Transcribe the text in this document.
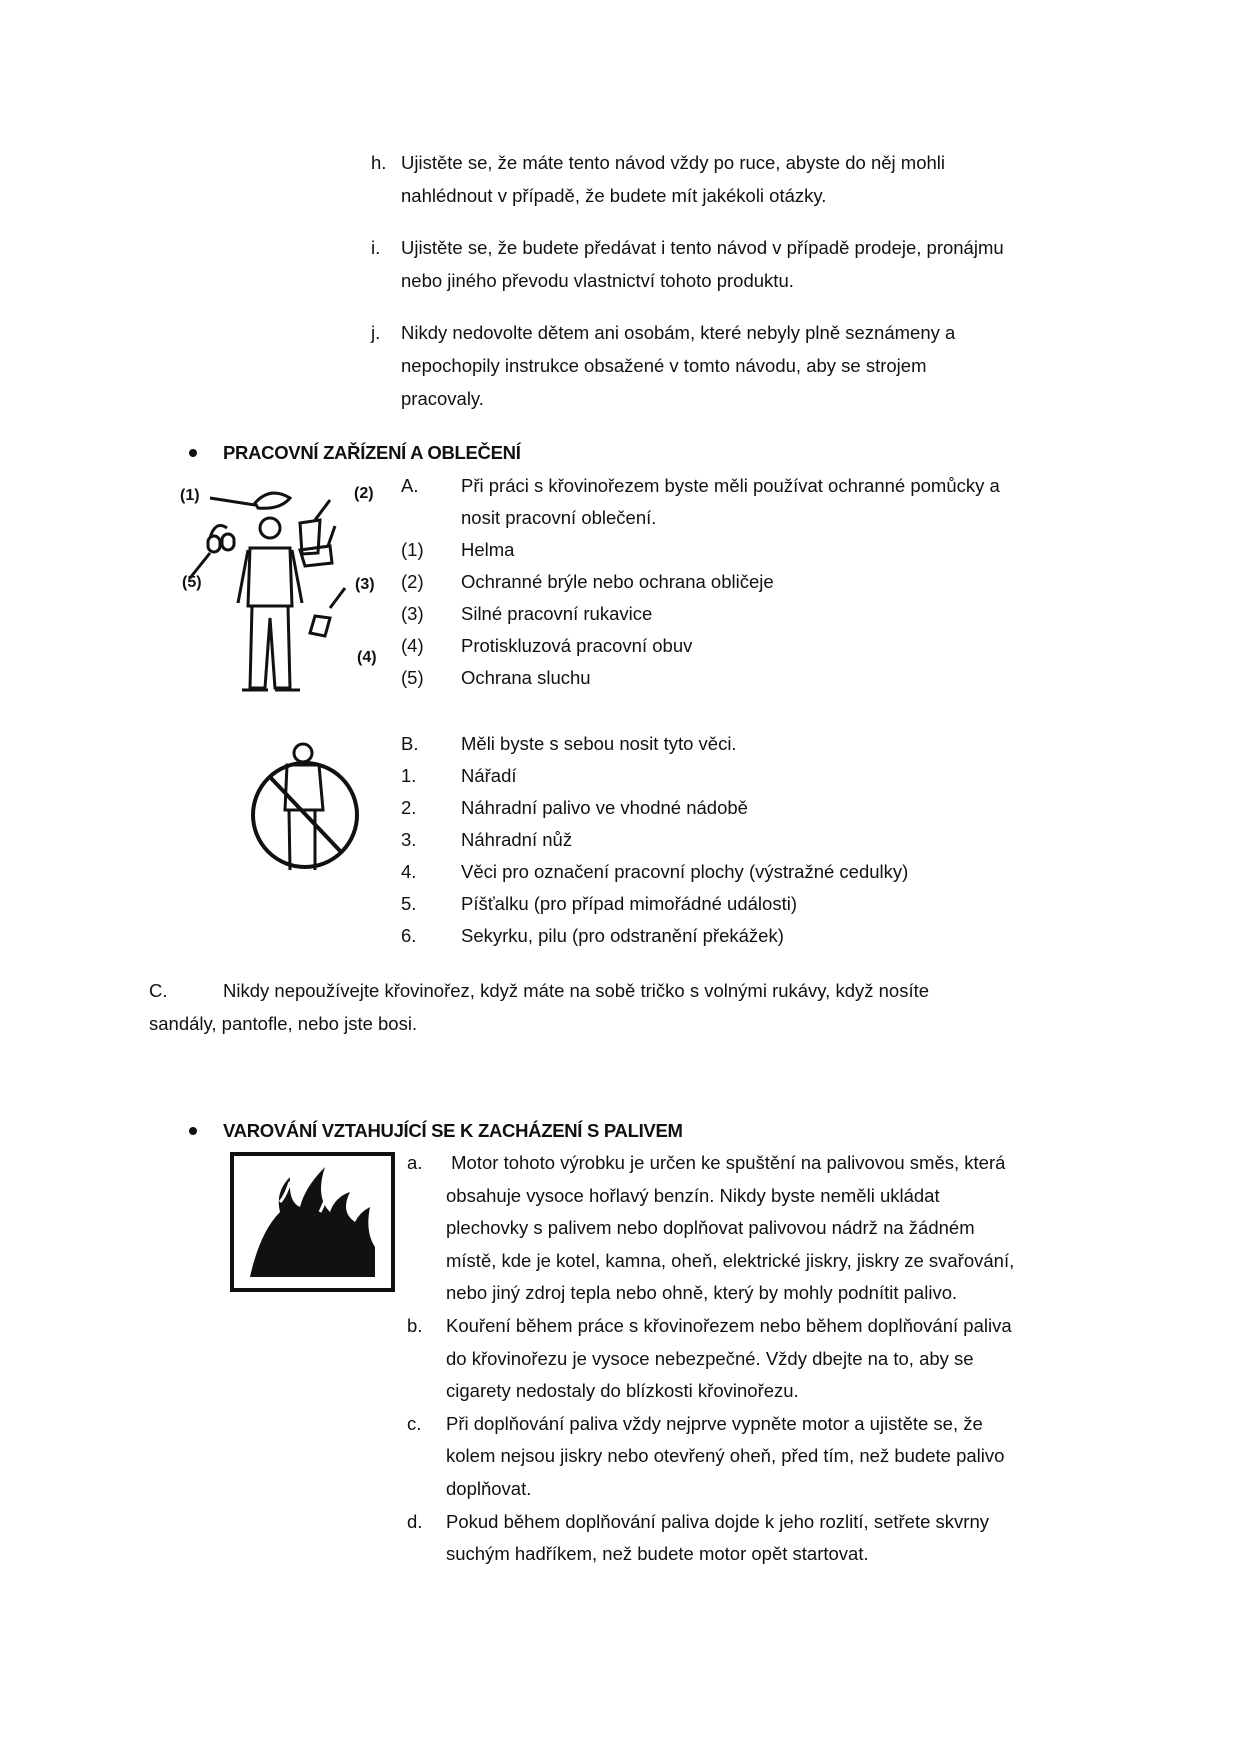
h. Ujistěte se, že máte tento návod vždy po ruce, abyste do něj mohli
nahlédnout v případě, že budete mít jakékoli otázky.
i. Ujistěte se, že budete předávat i tento návod v případě prodeje, pronájmu
nebo jiného převodu vlastnictví tohoto produktu.
j. Nikdy nedovolte dětem ani osobám, které nebyly plně seznámeny a
nepochopily instrukce obsažené v tomto návodu, aby se strojem
pracovaly.
PRACOVNÍ ZAŘÍZENÍ A OBLEČENÍ
(1)	(2)
(3)
(4)
(5)
A. Při práci s křovinořezem byste měli používat ochranné pomůcky a
nosit pracovní oblečení.
(1) Helma
(2) Ochranné brýle nebo ochrana obličeje
(3) Silné pracovní rukavice
(4) Protiskluzová pracovní obuv
(5) Ochrana sluchu
B. Měli byste s sebou nosit tyto věci.
1. Nářadí
2. Náhradní palivo ve vhodné nádobě
3. Náhradní nůž
4. Věci pro označení pracovní plochy (výstražné cedulky)
5. Píšťalku (pro případ mimořádné události)
6. Sekyrku, pilu (pro odstranění překážek)
C.	Nikdy nepoužívejte křovinořez, když máte na sobě tričko s volnými rukávy, když nosíte
sandály, pantofle, nebo jste bosi.
VAROVÁNÍ VZTAHUJÍCÍ SE K ZACHÁZENÍ S PALIVEM
a. Motor tohoto výrobku je určen ke spuštění na palivovou směs, která
obsahuje vysoce hořlavý benzín. Nikdy byste neměli ukládat
plechovky s palivem nebo doplňovat palivovou nádrž na žádném
místě, kde je kotel, kamna, oheň, elektrické jiskry, jiskry ze svařování,
nebo jiný zdroj tepla nebo ohně, který by mohly podnítit palivo.
b. Kouření během práce s křovinořezem nebo během doplňování paliva
do křovinořezu je vysoce nebezpečné. Vždy dbejte na to, aby se
cigarety nedostaly do blízkosti křovinořezu.
c. Při doplňování paliva vždy nejprve vypněte motor a ujistěte se, že
kolem nejsou jiskry nebo otevřený oheň, před tím, než budete palivo
doplňovat.
d. Pokud během doplňování paliva dojde k jeho rozlití, setřete skvrny
suchým hadříkem, než budete motor opět startovat.
